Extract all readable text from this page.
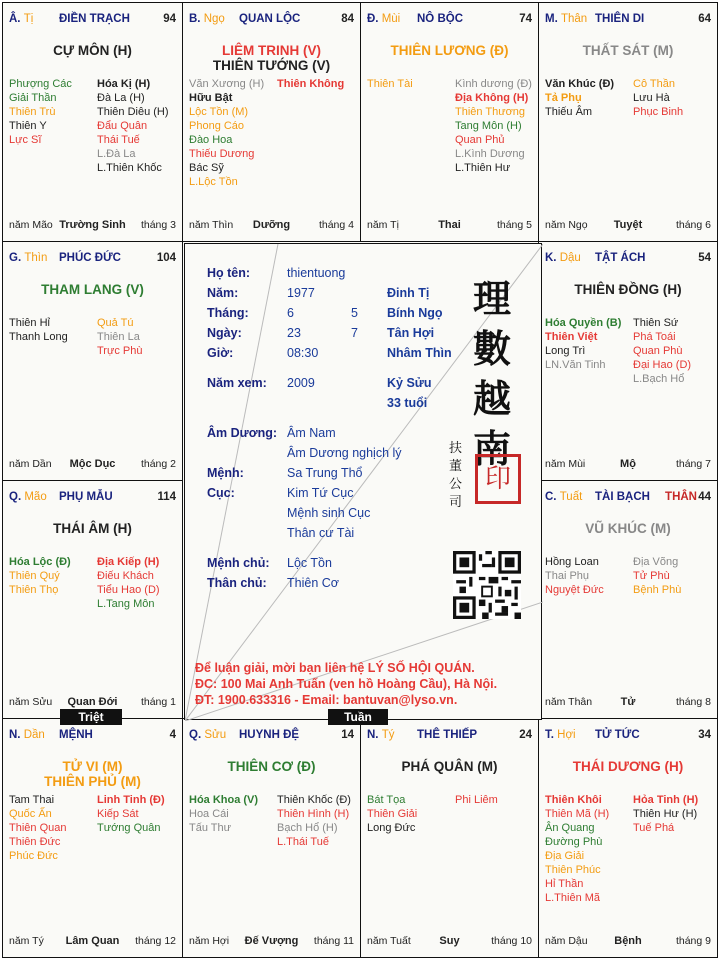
Â. Tị ĐIỀN TRẠCH	94
CỰ MÔN (H)
Phượng Các
Giải Thần
Thiên Trù
Thiên Y
Lực Sĩ
Hóa Kị (H)
Đà La (H)
Thiên Diêu (H)
Đẩu Quân
Thái Tuế
L.Đà La
L.Thiên Khốc
năm Mão Trường Sinh	tháng 3
B. Ngọ QUAN LỘC	84
LIÊM TRINH (V)
THIÊN TƯỚNG (V)
Văn Xương (H)
Hữu Bật
Lộc Tồn (M)
Phong Cáo
Đào Hoa
Thiếu Dương
Bác Sỹ
L.Lộc Tồn
Thiên Không
năm Thìn	Dưỡng	tháng 4
Đ. Mùi NÔ BỘC	74
THIÊN LƯƠNG (Đ)
Thiên Tài	Kình dương (Đ)
Địa Không (H)
Thiên Thương
Tang Môn (H)
Quan Phủ
L.Kình Dương
L.Thiên Hư
năm Tị	Thai	tháng 5
M. Thân THIÊN DI	64
THẤT SÁT (M)
Văn Khúc (Đ)
Tả Phụ
Thiếu Âm
Cô Thần
Lưu Hà
Phục Binh
năm Ngọ	Tuyệt	tháng 6
G. Thìn PHÚC ĐỨC	104
THAM LANG (V)
Thiên Hỉ
Thanh Long
Quả Tú
Thiên La
Trực Phù
năm Dần	Mộc Dục	tháng 2
K. Dậu TẬT ÁCH	54
THIÊN ĐỒNG (H)
Hóa Quyền (B)
Thiên Việt
Long Trì
LN.Văn Tinh
Thiên Sứ
Phá Toái
Quan Phù
Đại Hao (D)
L.Bạch Hổ
năm Mùi	Mộ	tháng 7
Q. Mão PHỤ MẪU	114
THÁI ÂM (H)
Hóa Lộc (Đ)
Thiên Quý
Thiên Thọ
Địa Kiếp (H)
Điếu Khách
Tiểu Hao (D)
L.Tang Môn
năm Sửu	Quan Đới	tháng 1
C. Tuất TÀI BẠCH	44
THÂN
VŨ KHÚC (M)
Hồng Loan
Thai Phụ
Nguyệt Đức
Địa Võng
Tử Phù
Bệnh Phù
năm Thân	Tử	tháng 8
N. Dần MỆNH	4
TỬ VI (M)
THIÊN PHỦ (M)
Tam Thai
Quốc Ấn
Thiên Quan
Thiên Đức
Phúc Đức
Linh Tinh (Đ)
Kiếp Sát
Tướng Quân
năm Tý	Lâm Quan	tháng 12
Q. Sửu HUYNH ĐỆ	14
THIÊN CƠ (Đ)
Hóa Khoa (V)
Hoa Cái
Tấu Thư
Thiên Khốc (Đ)
Thiên Hình (H)
Bạch Hổ (H)
L.Thái Tuế
năm Hợi	Đế Vượng	tháng 11
N. Tý THÊ THIẾP	24
PHÁ QUÂN (M)
Bát Tọa
Thiên Giải
Long Đức
Phi Liêm
năm Tuất	Suy	tháng 10
T. Hợi TỬ TỨC	34
THÁI DƯƠNG (H)
Thiên Khôi
Thiên Mã (H)
Ân Quang
Đường Phù
Địa Giải
Thiên Phúc
Hỉ Thần
L.Thiên Mã
Hỏa Tinh (H)
Thiên Hư (H)
Tuế Phá
năm Dậu	Bệnh	tháng 9
Họ tên:	thientuong
Năm:	1977	Đinh Tị
Tháng:	6	5 Bính Ngọ
Ngày:	23	7 Tân Hợi
Giờ:	08:30	Nhâm Thìn
Năm xem: 2009	Kỷ Sửu
33 tuổi
Âm Dương: Âm Nam
Âm Dương nghịch lý
Mệnh:	Sa Trung Thổ
Cục:	Kim Tứ Cục
Mệnh sinh Cục
Thân cư Tài
Mệnh chủ: Lộc Tồn
Thân chủ: Thiên Cơ
理數越南
扶董公司
印
Để luận giải, mời bạn liên hệ LÝ SỐ HỘI QUÁN.
ĐC: 100 Mai Anh Tuấn (ven hồ Hoàng Cầu), Hà Nội.
ĐT: 1900.633316 - Email: bantuvan@lyso.vn.
Triệt	Tuần
